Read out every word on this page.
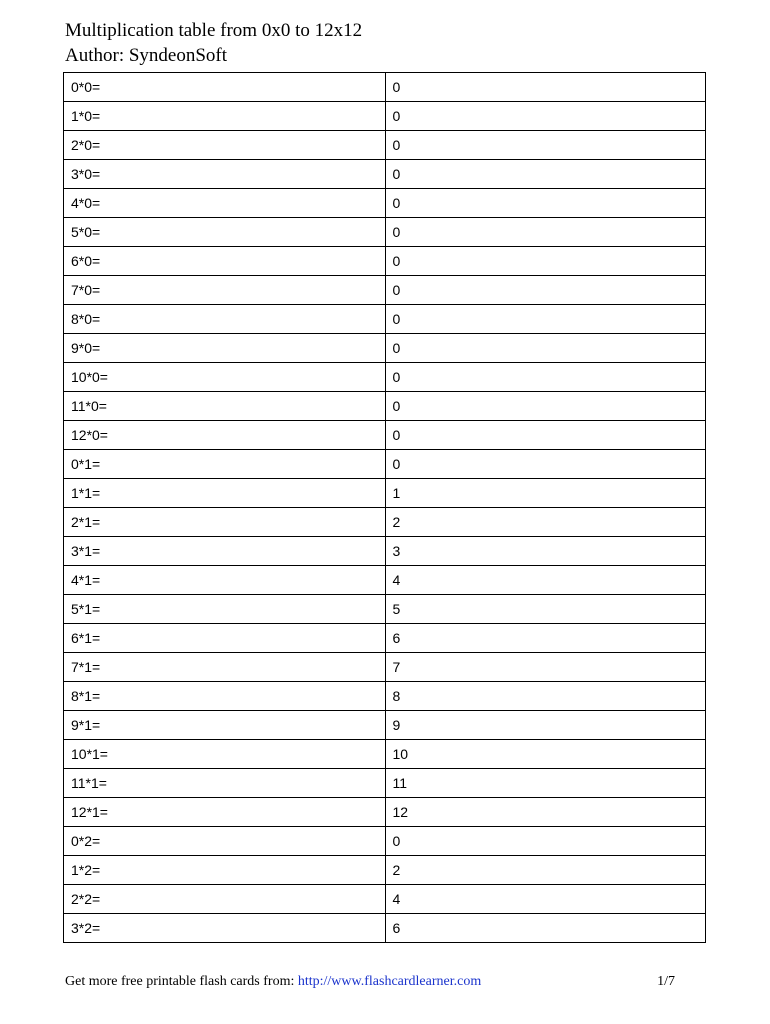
Multiplication table from 0x0 to 12x12
Author: SyndeonSoft
0*0=	0
1*0=	0
2*0=	0
3*0=	0
4*0=	0
5*0=	0
6*0=	0
7*0=	0
8*0=	0
9*0=	0
10*0=	0
11*0=	0
12*0=	0
0*1=	0
1*1=	1
2*1=	2
3*1=	3
4*1=	4
5*1=	5
6*1=	6
7*1=	7
8*1=	8
9*1=	9
10*1=	10
11*1=	11
12*1=	12
0*2=	0
1*2=	2
2*2=	4
3*2=	6
Get more free printable flash cards from: http://www.flashcardlearner.com	1/7
